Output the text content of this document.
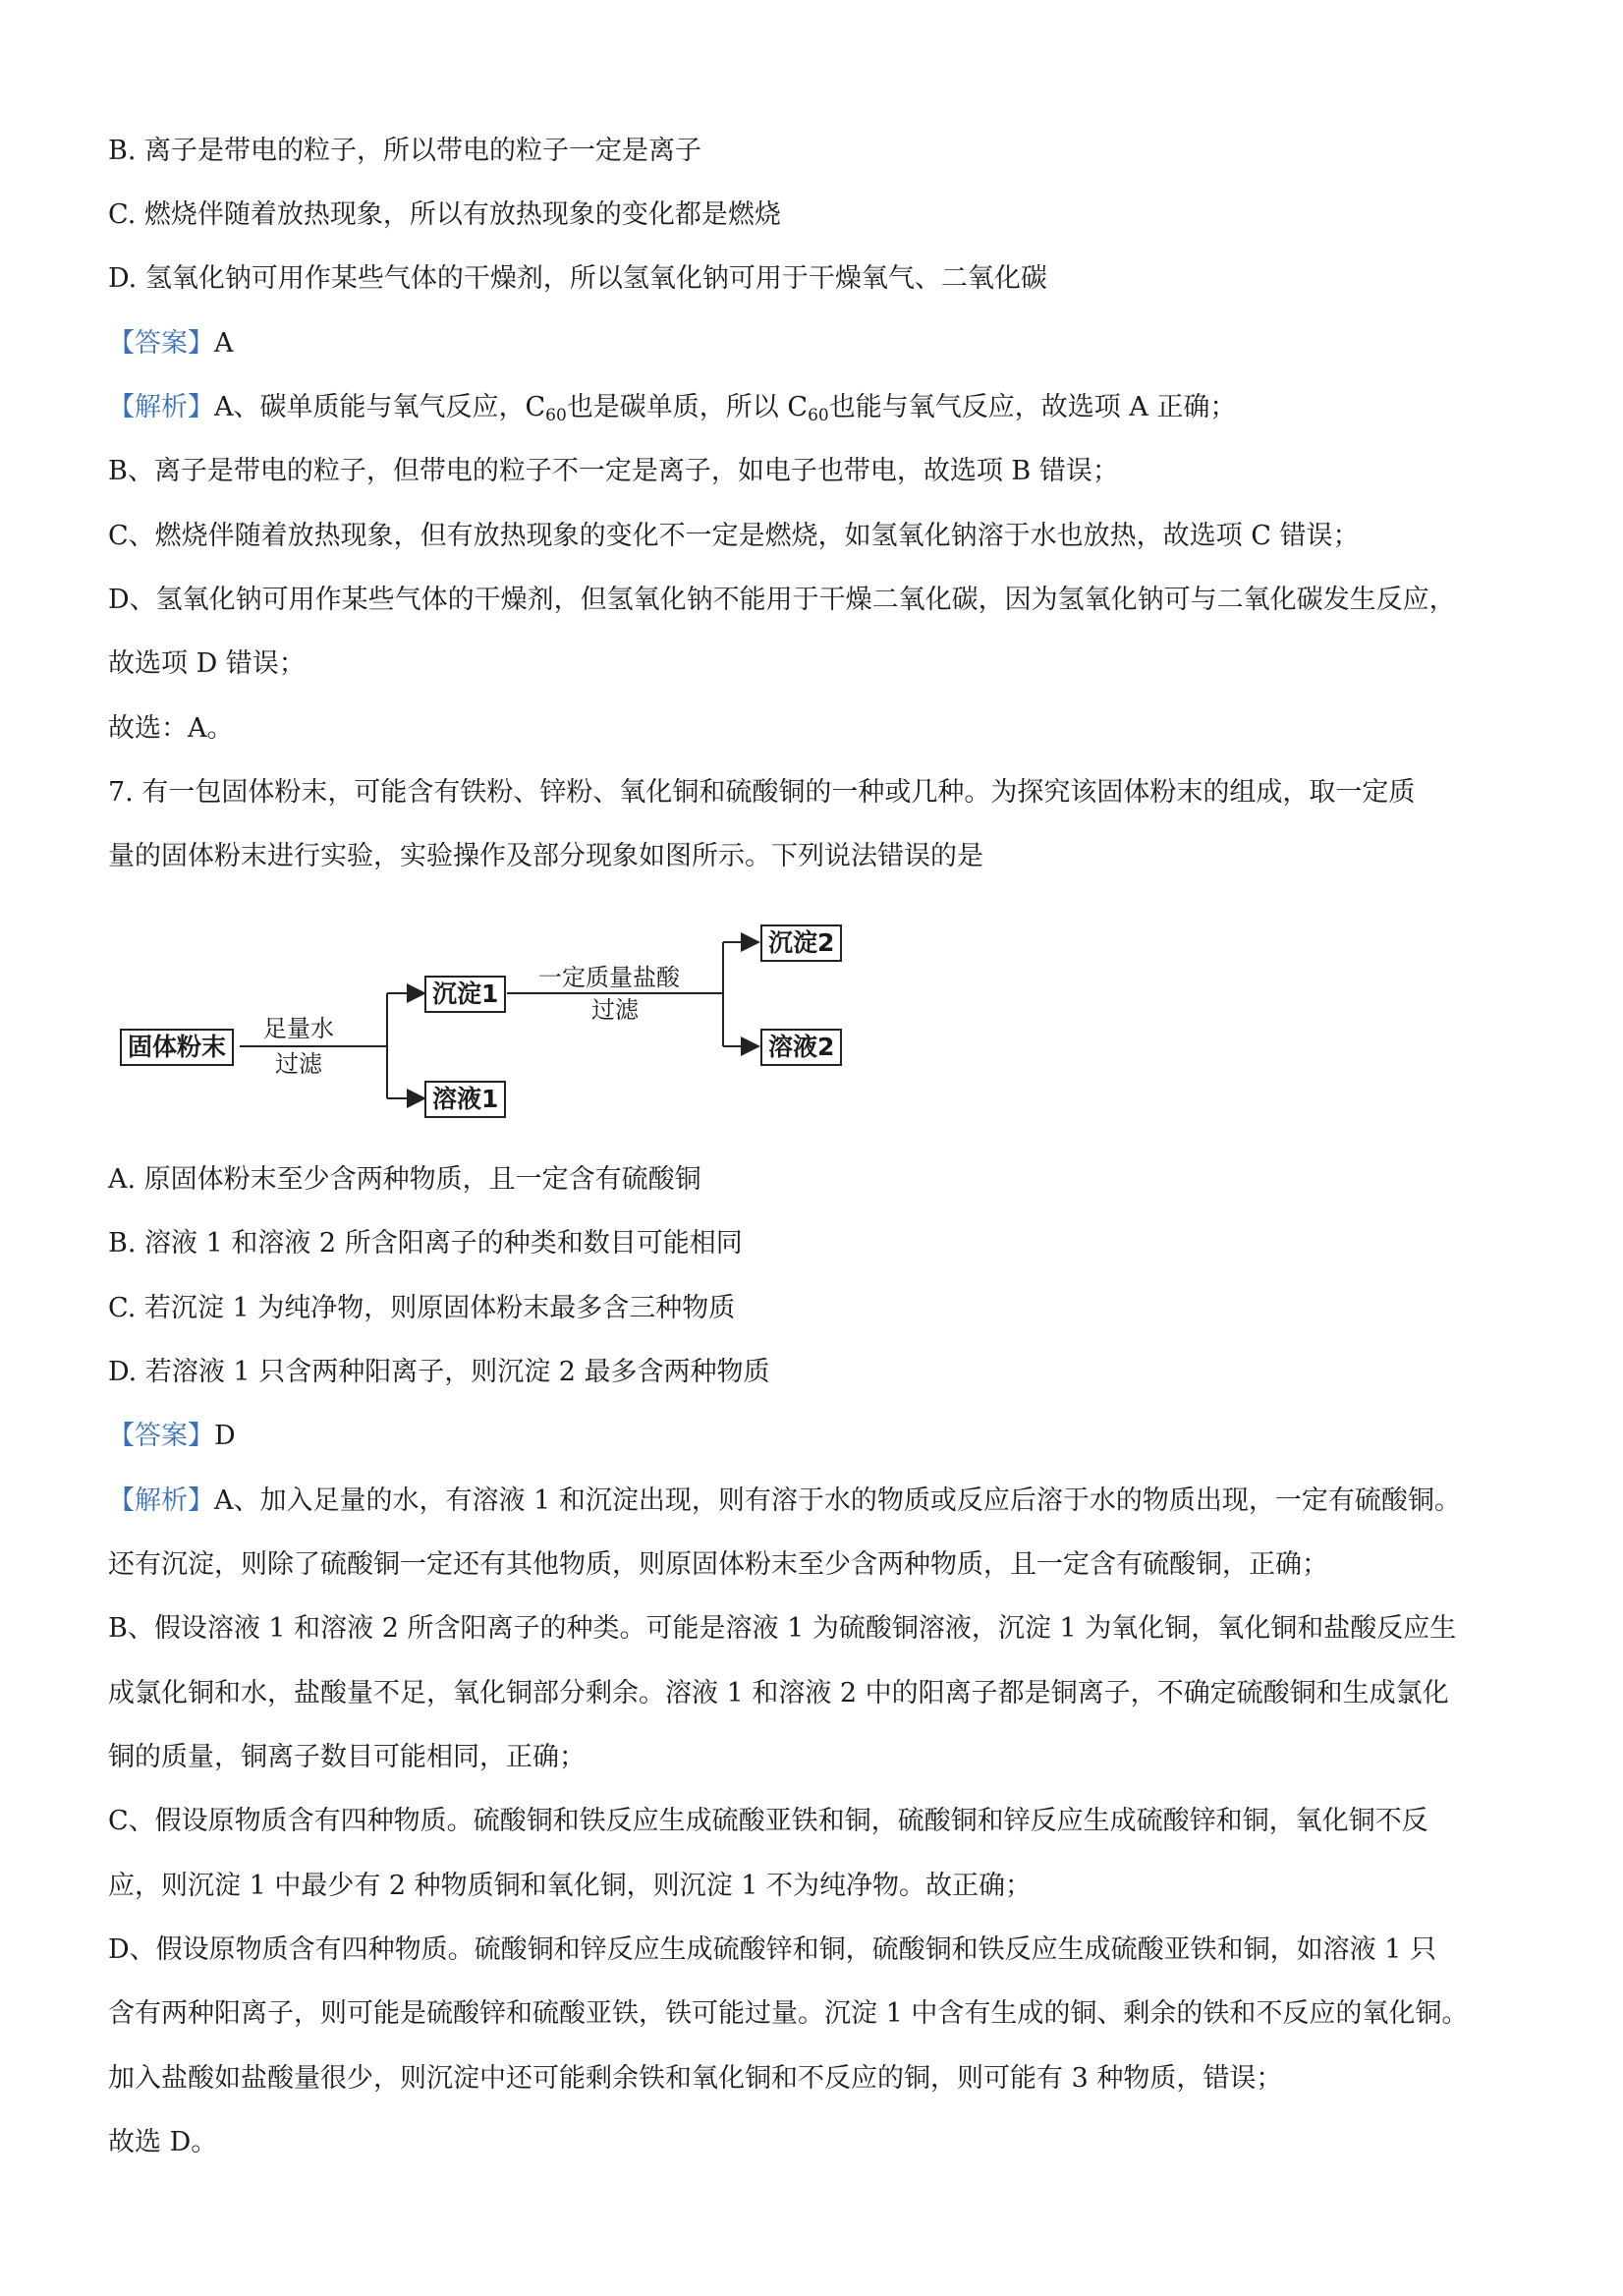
B. 离子是带电的粒子，所以带电的粒子一定是离子
C. 燃烧伴随着放热现象，所以有放热现象的变化都是燃烧
D. 氢氧化钠可用作某些气体的干燥剂，所以氢氧化钠可用于干燥氧气、二氧化碳
【答案】A
【解析】A、碳单质能与氧气反应，$C_{60}$也是碳单质，所以 $C_{60}$也能与氧气反应，故选项 A 正确；
B、离子是带电的粒子，但带电的粒子不一定是离子，如电子也带电，故选项 B 错误；
C、燃烧伴随着放热现象，但有放热现象的变化不一定是燃烧，如氢氧化钠溶于水也放热，故选项 C 错误；
D、氢氧化钠可用作某些气体的干燥剂，但氢氧化钠不能用于干燥二氧化碳，因为氢氧化钠可与二氧化碳发生反应，
故选项 D 错误；
故选：A。
7. 有一包固体粉末，可能含有铁粉、锌粉、氧化铜和硫酸铜的一种或几种。为探究该固体粉末的组成，取一定质
量的固体粉末进行实验，实验操作及部分现象如图所示。下列说法错误的是
固体粉末
足量水
过滤
沉淀1
溶液1
一定质量盐酸
过滤
沉淀2
溶液2
A. 原固体粉末至少含两种物质，且一定含有硫酸铜
B. 溶液 1 和溶液 2 所含阳离子的种类和数目可能相同
C. 若沉淀 1 为纯净物，则原固体粉末最多含三种物质
D. 若溶液 1 只含两种阳离子，则沉淀 2 最多含两种物质
【答案】D
【解析】A、加入足量的水，有溶液 1 和沉淀出现，则有溶于水的物质或反应后溶于水的物质出现，一定有硫酸铜。
还有沉淀，则除了硫酸铜一定还有其他物质，则原固体粉末至少含两种物质，且一定含有硫酸铜，正确；
B、假设溶液 1 和溶液 2 所含阳离子的种类。可能是溶液 1 为硫酸铜溶液，沉淀 1 为氧化铜，氧化铜和盐酸反应生
成氯化铜和水，盐酸量不足，氧化铜部分剩余。溶液 1 和溶液 2 中的阳离子都是铜离子，不确定硫酸铜和生成氯化
铜的质量，铜离子数目可能相同，正确；
C、假设原物质含有四种物质。硫酸铜和铁反应生成硫酸亚铁和铜，硫酸铜和锌反应生成硫酸锌和铜，氧化铜不反
应，则沉淀 1 中最少有 2 种物质铜和氧化铜，则沉淀 1 不为纯净物。故正确；
D、假设原物质含有四种物质。硫酸铜和锌反应生成硫酸锌和铜，硫酸铜和铁反应生成硫酸亚铁和铜，如溶液 1 只
含有两种阳离子，则可能是硫酸锌和硫酸亚铁，铁可能过量。沉淀 1 中含有生成的铜、剩余的铁和不反应的氧化铜。
加入盐酸如盐酸量很少，则沉淀中还可能剩余铁和氧化铜和不反应的铜，则可能有 3 种物质，错误；
故选 D。
